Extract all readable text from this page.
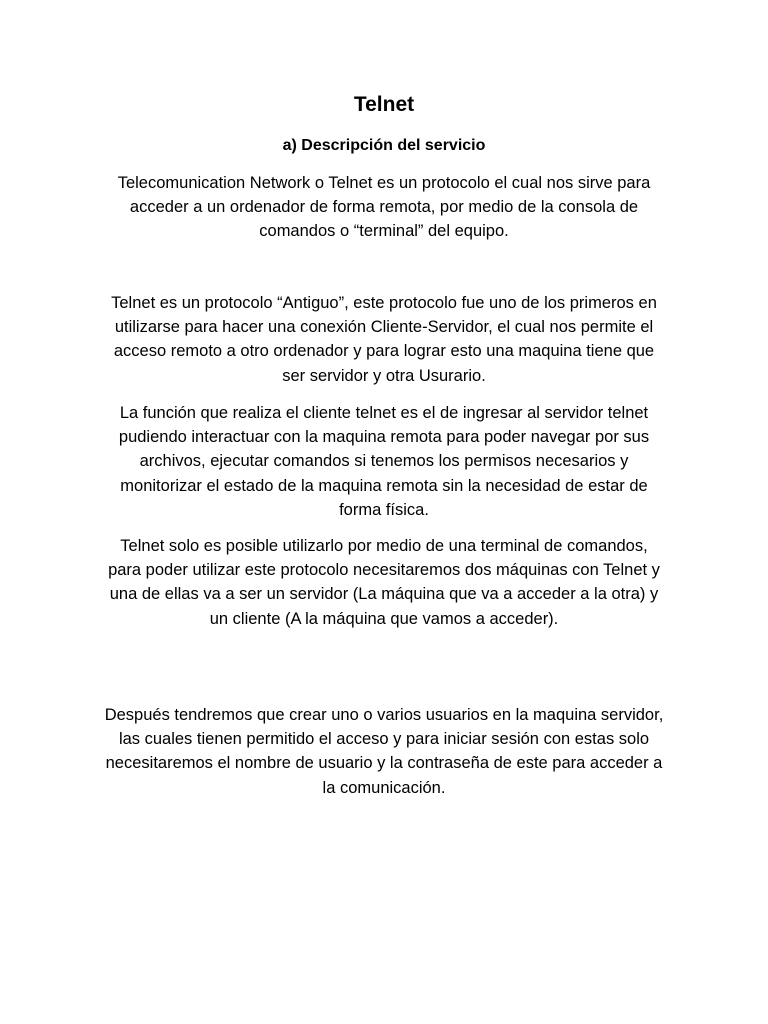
Telnet
a) Descripción del servicio

Telecomunication Network o Telnet es un protocolo el cual nos sirve para acceder a un ordenador de forma remota, por medio de la consola de comandos o “terminal” del equipo.

Telnet es un protocolo “Antiguo”, este protocolo fue uno de los primeros en utilizarse para hacer una conexión Cliente-Servidor, el cual nos permite el acceso remoto a otro ordenador y para lograr esto una maquina tiene que ser servidor y otra Usurario.

La función que realiza el cliente telnet es el de ingresar al servidor telnet pudiendo interactuar con la maquina remota para poder navegar por sus archivos, ejecutar comandos si tenemos los permisos necesarios y monitorizar el estado de la maquina remota sin la necesidad de estar de forma física.

Telnet solo es posible utilizarlo por medio de una terminal de comandos, para poder utilizar este protocolo necesitaremos dos máquinas con Telnet y una de ellas va a ser un servidor (La máquina que va a acceder a la otra) y un cliente (A la máquina que vamos a acceder).

Después tendremos que crear uno o varios usuarios en la maquina servidor, las cuales tienen permitido el acceso y para iniciar sesión con estas solo necesitaremos el nombre de usuario y la contraseña de este para acceder a la comunicación.
